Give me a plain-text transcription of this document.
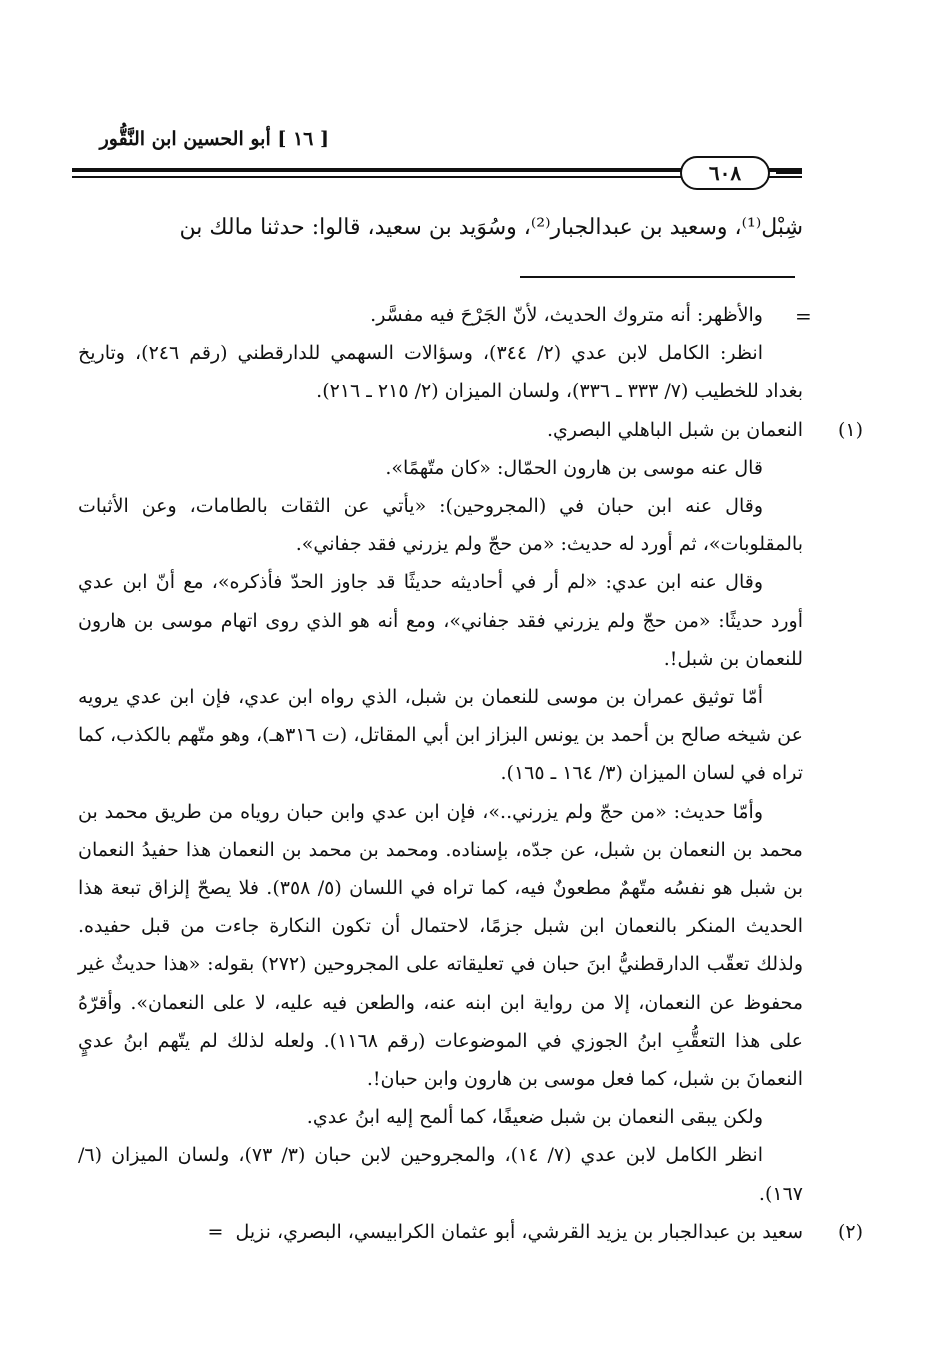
[ ١٦ ] أبو الحسين ابن النَّقُّور
٦٠٨
شِبْل⁽¹⁾، وسعيد بن عبدالجبار⁽²⁾، وسُوَيد بن سعيد، قالوا: حدثنا مالك بن
=

والأظهر: أنه متروك الحديث، لأنّ الجَرْحَ فيه مفسَّر.

انظر: الكامل لابن عدي (٢/ ٣٤٤)، وسؤالات السهمي للدارقطني (رقم ٢٤٦)، وتاريخ بغداد للخطيب (٧/ ٣٣٣ ـ ٣٣٦)، ولسان الميزان (٢/ ٢١٥ ـ ٢١٦).

(١)
النعمان بن شبل الباهلي البصري.

قال عنه موسى بن هارون الحمّال: «كان متّهمًا».

وقال عنه ابن حبان في (المجروحين): «يأتي عن الثقات بالطامات، وعن الأثبات بالمقلوبات»، ثم أورد له حديث: «من حجّ ولم يزرني فقد جفاني».

وقال عنه ابن عدي: «لم أر في أحاديثه حديثًا قد جاوز الحدّ فأذكره»، مع أنّ ابن عدي أورد حديثًا: «من حجّ ولم يزرني فقد جفاني»، ومع أنه هو الذي روى اتهام موسى بن هارون للنعمان بن شبل!.

أمّا توثيق عمران بن موسى للنعمان بن شبل، الذي رواه ابن عدي، فإن ابن عدي يرويه عن شيخه صالح بن أحمد بن يونس البزاز ابن أبي المقاتل، (ت ٣١٦هـ)، وهو متّهم بالكذب، كما تراه في لسان الميزان (٣/ ١٦٤ ـ ١٦٥).

وأمّا حديث: «من حجّ ولم يزرني..»، فإن ابن عدي وابن حبان روياه من طريق محمد بن محمد بن النعمان بن شبل، عن جدّه، بإسناده. ومحمد بن محمد بن النعمان هذا حفيدُ النعمان بن شبل هو نفسُه متّهمٌ مطعونٌ فيه، كما تراه في اللسان (٥/ ٣٥٨). فلا يصحّ إلزاق تبعة هذا الحديث المنكر بالنعمان ابن شبل جزمًا، لاحتمال أن تكون النكارة جاءت من قبل حفيده. ولذلك تعقّب الدارقطنيُّ ابنَ حبان في تعليقاته على المجروحين (٢٧٢) بقوله: «هذا حديثٌ غير محفوظ عن النعمان، إلا من رواية ابن ابنه عنه، والطعن فيه عليه، لا على النعمان». وأقرّهُ على هذا التعقُّبِ ابنُ الجوزي في الموضوعات (رقم ١١٦٨). ولعله لذلك لم يتّهم ابنُ عديٍ النعمانَ بن شبل، كما فعل موسى بن هارون وابن حبان!.

ولكن يبقى النعمان بن شبل ضعيفًا، كما ألمح إليه ابنُ عدي.

انظر الكامل لابن عدي (٧/ ١٤)، والمجروحين لابن حبان (٣/ ٧٣)، ولسان الميزان (٦/ ١٦٧).

(٢)
سعيد بن عبدالجبار بن يزيد القرشي، أبو عثمان الكرابيسي، البصري، نزيل =
